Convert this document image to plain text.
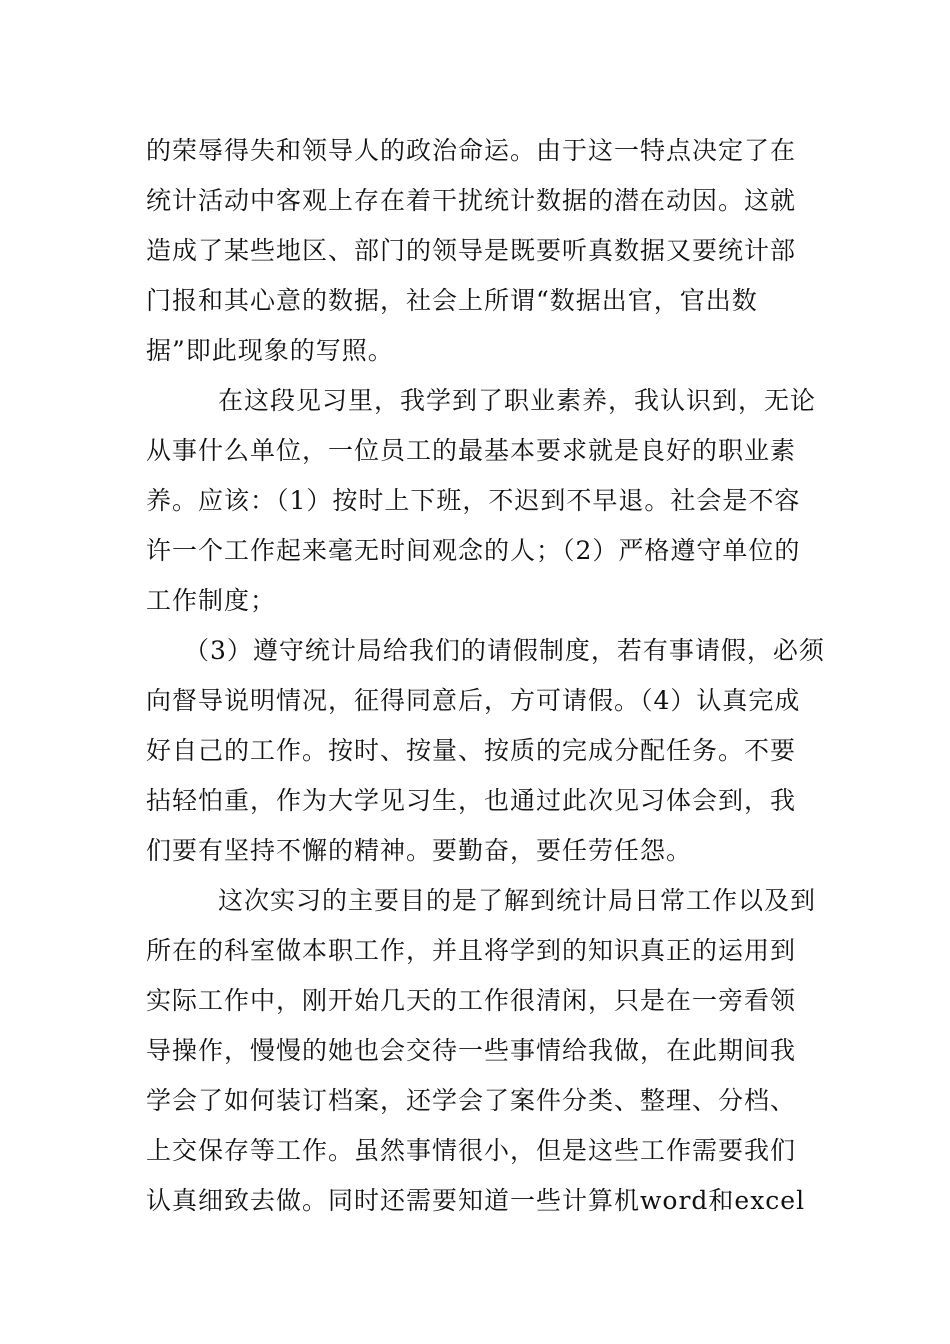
的荣辱得失和领导人的政治命运。由于这一特点决定了在
统计活动中客观上存在着干扰统计数据的潜在动因。这就
造成了某些地区、部门的领导是既要听真数据又要统计部
门报和其心意的数据，社会上所谓“数据出官，官出数
据”即此现象的写照。
在这段见习里，我学到了职业素养，我认识到，无论
从事什么单位，一位员工的最基本要求就是良好的职业素
养。应该：（1）按时上下班，不迟到不早退。社会是不容
许一个工作起来毫无时间观念的人；（2）严格遵守单位的
工作制度；
（3）遵守统计局给我们的请假制度，若有事请假，必须
向督导说明情况，征得同意后，方可请假。（4）认真完成
好自己的工作。按时、按量、按质的完成分配任务。不要
拈轻怕重，作为大学见习生，也通过此次见习体会到，我
们要有坚持不懈的精神。要勤奋，要任劳任怨。
这次实习的主要目的是了解到统计局日常工作以及到
所在的科室做本职工作，并且将学到的知识真正的运用到
实际工作中，刚开始几天的工作很清闲，只是在一旁看领
导操作，慢慢的她也会交待一些事情给我做，在此期间我
学会了如何装订档案，还学会了案件分类、整理、分档、
上交保存等工作。虽然事情很小，但是这些工作需要我们
认真细致去做。同时还需要知道一些计算机word和excel
